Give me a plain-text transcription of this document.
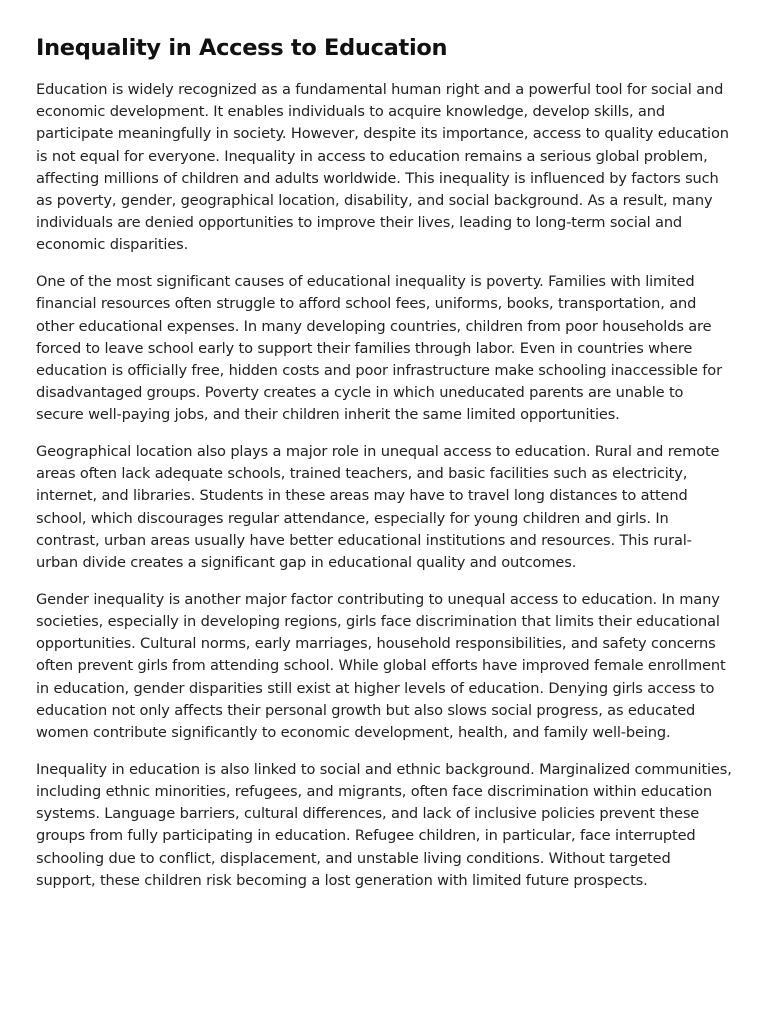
Inequality in Access to Education

Education is widely recognized as a fundamental human right and a powerful tool for social and economic development. It enables individuals to acquire knowledge, develop skills, and participate meaningfully in society. However, despite its importance, access to quality education is not equal for everyone. Inequality in access to education remains a serious global problem, affecting millions of children and adults worldwide. This inequality is influenced by factors such as poverty, gender, geographical location, disability, and social background. As a result, many individuals are denied opportunities to improve their lives, leading to long-term social and economic disparities.

One of the most significant causes of educational inequality is poverty. Families with limited financial resources often struggle to afford school fees, uniforms, books, transportation, and other educational expenses. In many developing countries, children from poor households are forced to leave school early to support their families through labor. Even in countries where education is officially free, hidden costs and poor infrastructure make schooling inaccessible for disadvantaged groups. Poverty creates a cycle in which uneducated parents are unable to secure well-paying jobs, and their children inherit the same limited opportunities.

Geographical location also plays a major role in unequal access to education. Rural and remote areas often lack adequate schools, trained teachers, and basic facilities such as electricity, internet, and libraries. Students in these areas may have to travel long distances to attend school, which discourages regular attendance, especially for young children and girls. In contrast, urban areas usually have better educational institutions and resources. This rural-urban divide creates a significant gap in educational quality and outcomes.

Gender inequality is another major factor contributing to unequal access to education. In many societies, especially in developing regions, girls face discrimination that limits their educational opportunities. Cultural norms, early marriages, household responsibilities, and safety concerns often prevent girls from attending school. While global efforts have improved female enrollment in education, gender disparities still exist at higher levels of education. Denying girls access to education not only affects their personal growth but also slows social progress, as educated women contribute significantly to economic development, health, and family well-being.

Inequality in education is also linked to social and ethnic background. Marginalized communities, including ethnic minorities, refugees, and migrants, often face discrimination within education systems. Language barriers, cultural differences, and lack of inclusive policies prevent these groups from fully participating in education. Refugee children, in particular, face interrupted schooling due to conflict, displacement, and unstable living conditions. Without targeted support, these children risk becoming a lost generation with limited future prospects.
